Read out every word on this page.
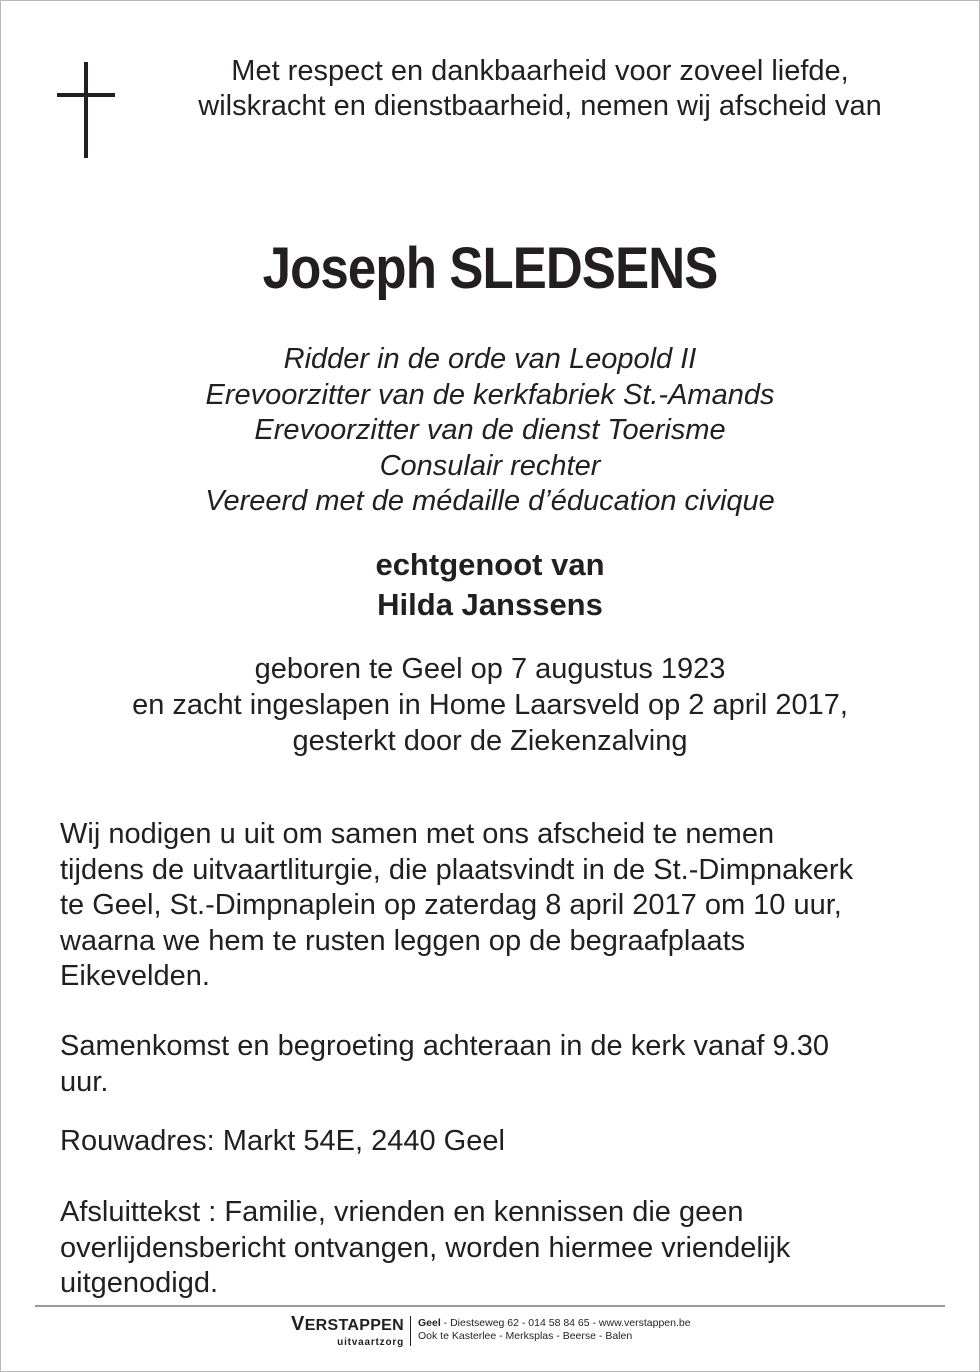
Met respect en dankbaarheid voor zoveel liefde,
wilskracht en dienstbaarheid, nemen wij afscheid van
Joseph SLEDSENS
Ridder in de orde van Leopold II
Erevoorzitter van de kerkfabriek St.-Amands
Erevoorzitter van de dienst Toerisme
Consulair rechter
Vereerd met de médaille d’éducation civique
echtgenoot van
Hilda Janssens
geboren te Geel op 7 augustus 1923
en zacht ingeslapen in Home Laarsveld op 2 april 2017,
gesterkt door de Ziekenzalving
Wij nodigen u uit om samen met ons afscheid te nemen
tijdens de uitvaartliturgie, die plaatsvindt in de St.-Dimpnakerk
te Geel, St.-Dimpnaplein op zaterdag 8 april 2017 om 10 uur,
waarna we hem te rusten leggen op de begraafplaats
Eikevelden.
Samenkomst en begroeting achteraan in de kerk vanaf 9.30
uur.
Rouwadres: Markt 54E, 2440 Geel
Afsluittekst : Familie, vrienden en kennissen die geen
overlijdensbericht ontvangen, worden hiermee vriendelijk
uitgenodigd.
VERSTAPPEN
uitvaartzorg
Geel - Diestseweg 62 - 014 58 84 65 - www.verstappen.be
Ook te Kasterlee - Merksplas - Beerse - Balen
